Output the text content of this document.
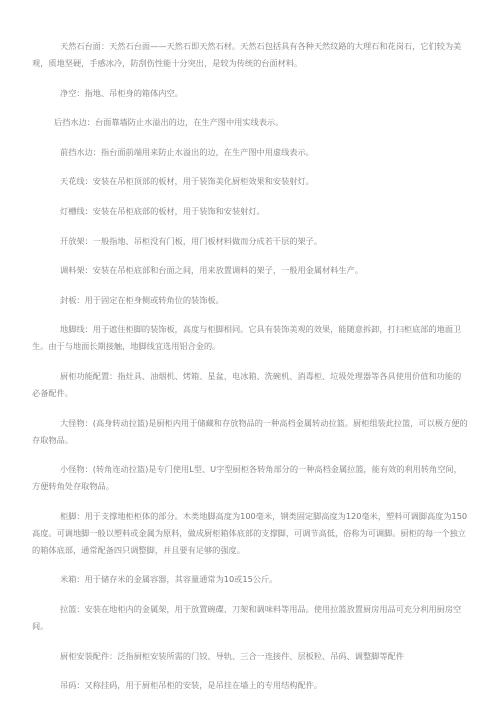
天然石台面：天然石台面——天然石即天然石材。天然石包括具有各种天然纹路的大理石和花岗石，它们较为美观，质地坚硬，手感冰冷，防刮伤性能十分突出，是较为传统的台面材料。

净空：指地、吊柜身的箱体内空。

后挡水边：台面靠墙防止水溢出的边，在生产图中用实线表示。

前挡水边：指台面前端用来防止水溢出的边，在生产图中用虚线表示。

天花线：安装在吊柜顶部的板材，用于装饰美化厨柜效果和安装射灯。

灯槽线：安装在吊柜底部的板材，用于装饰和安装射灯。

开放架：一般指地、吊柜没有门板，用门板材料做而分成若干层的架子。

调料架：安装在吊柜底部和台面之间，用来放置调料的架子，一般用金属材料生产。

封板：用于固定在柜身侧或转角位的装饰板。

地脚线：用于遮住柜脚的装饰板，高度与柜脚相同。它具有装饰美观的效果，能随意拆卸，打扫柜底部的地面卫生。由于与地面长期接触，地脚线宜选用铝合金的。

厨柜功能配置：指灶具、油烟机、烤箱、星盆、电冰箱、洗碗机、消毒柜、垃圾处理器等各具使用价值和功能的必备配件。

大怪物：(高身转动拉篮)是厨柜内用于储藏和存放物品的一种高档金属转动拉篮。厨柜组装此拉篮，可以极方便的存取物品。

小怪物：(转角连动拉篮)是专门使用L型、U字型厨柜各转角部分的一种高档金属拉篮，能有效的利用转角空间，方便转角处存取物品。

柜脚：用于支撑地柜柜体的部分。木类地脚高度为100毫米，钢类固定脚高度为120毫米，塑料可调脚高度为150高度。可调地脚一般以塑料或金属为原料，做成厨柜箱体底部的支撑脚，可调节高低，俗称为可调脚。厨柜的每一个独立的箱体底部，通常配备四只调整脚，并且要有足够的强度。

米箱：用于储存米的金属容器，其容量通常为10或15公斤。

拉篮：安装在地柜内的金属架，用于放置碗碟、刀架和调味料等用品。使用拉篮放置厨房用品可充分利用厨房空间。

厨柜安装配件：泛指厨柜安装所需的门铰、导轨、三合一连接件、层板粒、吊码、调整脚等配件

吊码：又称挂码，用于厨柜吊柜的安装，是吊挂在墙上的专用结构配件。
